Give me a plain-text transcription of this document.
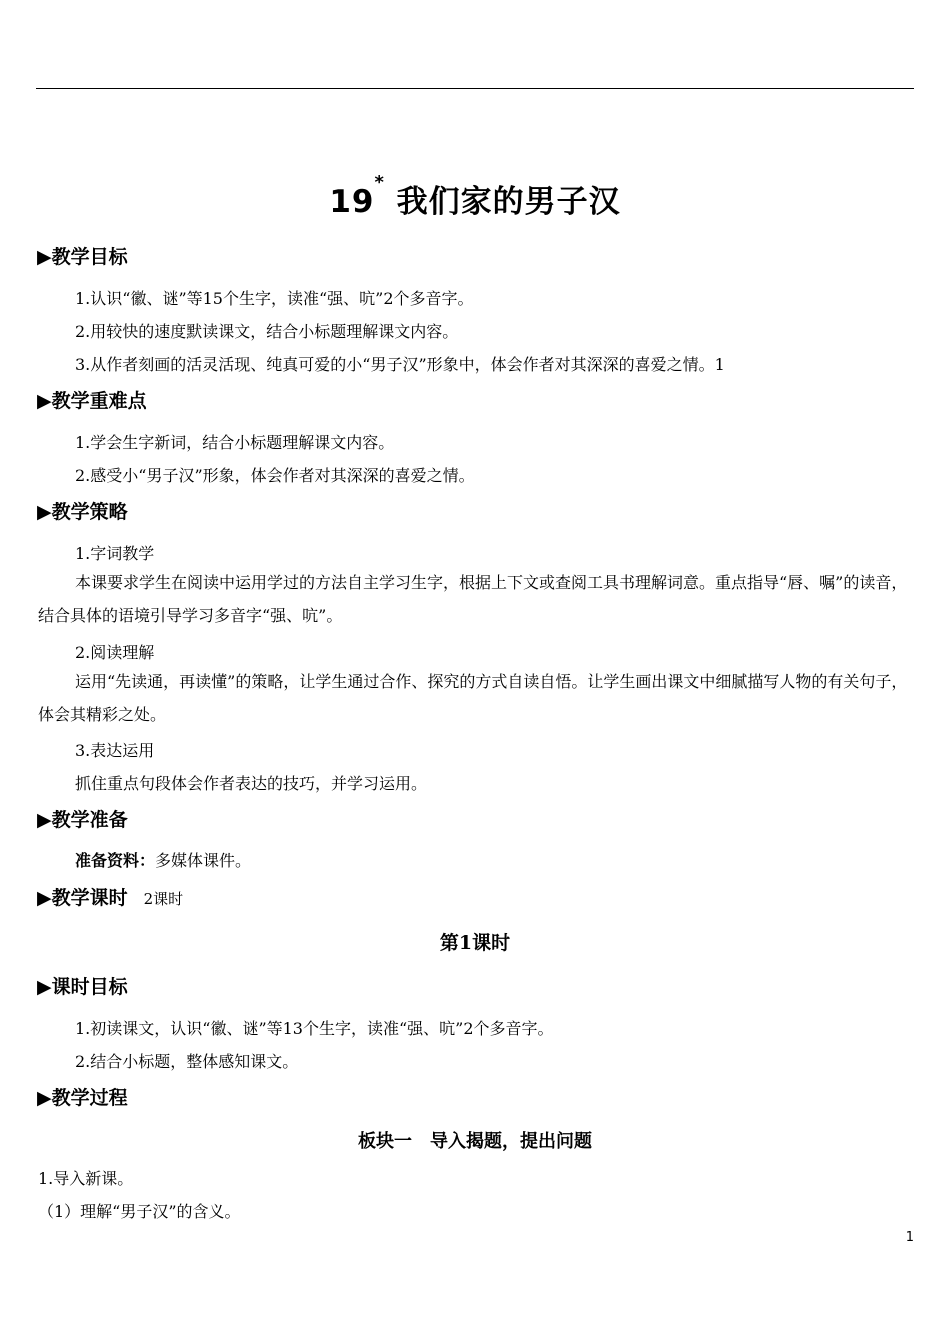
19* 我们家的男子汉
▶教学目标
1.认识“徽、谜”等15个生字，读准“强、吭”2个多音字。
2.用较快的速度默读课文，结合小标题理解课文内容。
3.从作者刻画的活灵活现、纯真可爱的小“男子汉”形象中，体会作者对其深深的喜爱之情。1
▶教学重难点
1.学会生字新词，结合小标题理解课文内容。
2.感受小“男子汉”形象，体会作者对其深深的喜爱之情。
▶教学策略
1.字词教学
本课要求学生在阅读中运用学过的方法自主学习生字，根据上下文或查阅工具书理解词意。重点指导“唇、嘱”的读音，结合具体的语境引导学习多音字“强、吭”。
2.阅读理解
运用“先读通，再读懂”的策略，让学生通过合作、探究的方式自读自悟。让学生画出课文中细腻描写人物的有关句子，体会其精彩之处。
3.表达运用
抓住重点句段体会作者表达的技巧，并学习运用。
▶教学准备
准备资料：多媒体课件。
▶教学课时 2课时
第1课时
▶课时目标
1.初读课文，认识“徽、谜”等13个生字，读准“强、吭”2个多音字。
2.结合小标题，整体感知课文。
▶教学过程
板块一　导入揭题，提出问题
1.导入新课。
（1）理解“男子汉”的含义。
1
